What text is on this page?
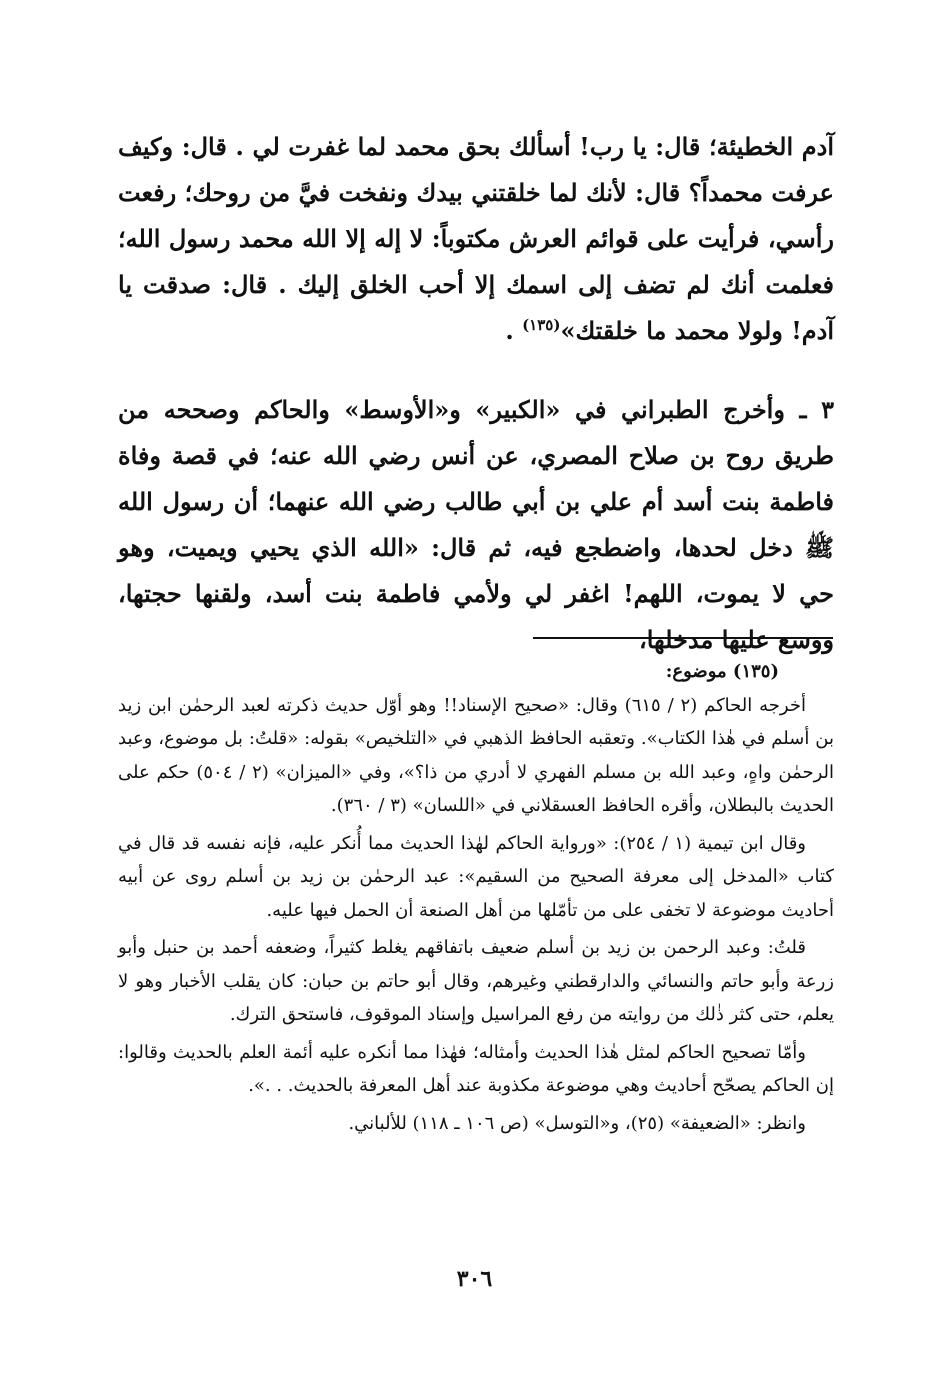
آدم الخطيئة؛ قال: يا رب! أسألك بحق محمد لما غفرت لي . قال: وكيف عرفت محمداً؟ قال: لأنك لما خلقتني بيدك ونفخت فيَّ من روحك؛ رفعت رأسي، فرأيت على قوائم العرش مكتوباً: لا إله إلا الله محمد رسول الله؛ فعلمت أنك لم تضف إلى اسمك إلا أحب الخلق إليك . قال: صدقت يا آدم! ولولا محمد ما خلقتك»$^{(١٣٥)}$ .
٣ ـ وأخرج الطبراني في «الكبير» و«الأوسط» والحاكم وصححه من طريق روح بن صلاح المصري، عن أنس رضي الله عنه؛ في قصة وفاة فاطمة بنت أسد أم علي بن أبي طالب رضي الله عنهما؛ أن رسول الله ﷺ دخل لحدها، واضطجع فيه، ثم قال: «الله الذي يحيي ويميت، وهو حي لا يموت، اللهم! اغفر لي ولأمي فاطمة بنت أسد، ولقنها حجتها، ووسع عليها مدخلها،
(١٣٥) موضوع:

أخرجه الحاكم (٢ / ٦١٥) وقال: «صحيح الإسناد!! وهو أوّل حديث ذكرته لعبد الرحمٰن ابن زيد بن أسلم في هٰذا الكتاب». وتعقبه الحافظ الذهبي في «التلخيص» بقوله: «قلتُ: بل موضوع، وعبد الرحمٰن واهٍ، وعبد الله بن مسلم الفهري لا أدري من ذا؟»، وفي «الميزان» (٢ / ٥٠٤) حكم على الحديث بالبطلان، وأقره الحافظ العسقلاني في «اللسان» (٣ / ٣٦٠).

وقال ابن تيمية (١ / ٢٥٤): «ورواية الحاكم لهٰذا الحديث مما أُنكر عليه، فإنه نفسه قد قال في كتاب «المدخل إلى معرفة الصحيح من السقيم»: عبد الرحمٰن بن زيد بن أسلم روى عن أبيه أحاديث موضوعة لا تخفى على من تأمّلها من أهل الصنعة أن الحمل فيها عليه.

قلتُ: وعبد الرحمن بن زيد بن أسلم ضعيف باتفاقهم يغلط كثيراً، وضعفه أحمد بن حنبل وأبو زرعة وأبو حاتم والنسائي والدارقطني وغيرهم، وقال أبو حاتم بن حبان: كان يقلب الأخبار وهو لا يعلم، حتى كثر ذٰلك من روايته من رفع المراسيل وإسناد الموقوف، فاستحق الترك.

وأمّا تصحيح الحاكم لمثل هٰذا الحديث وأمثاله؛ فهٰذا مما أنكره عليه أئمة العلم بالحديث وقالوا: إن الحاكم يصحّح أحاديث وهي موضوعة مكذوبة عند أهل المعرفة بالحديث. . .».

وانظر: «الضعيفة» (٢٥)، و«التوسل» (ص ١٠٦ ـ ١١٨) للألباني.

٣٠٦
